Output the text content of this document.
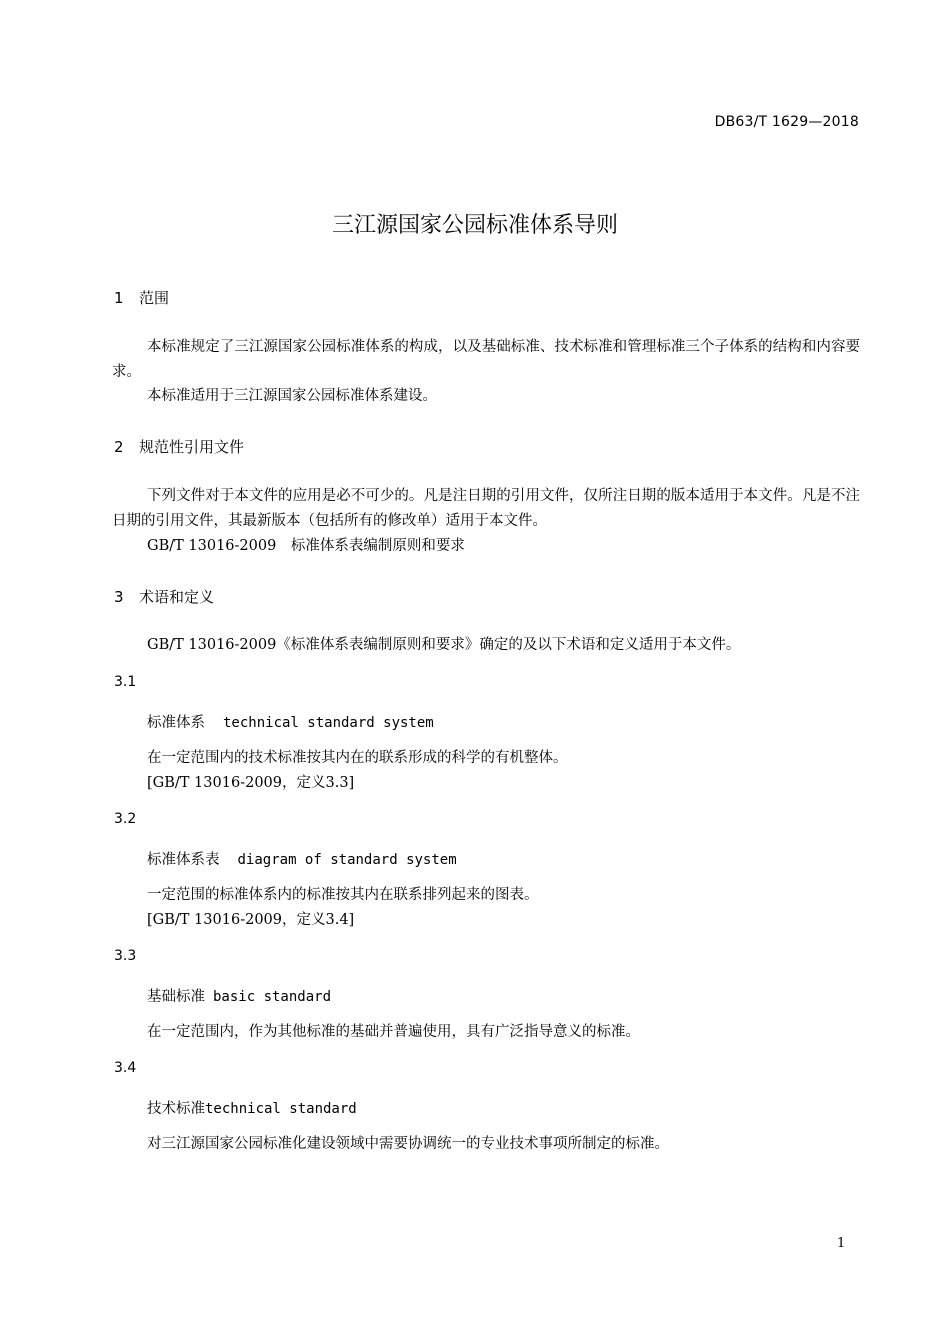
DB63/T 1629—2018
三江源国家公园标准体系导则
1 范围
本标准规定了三江源国家公园标准体系的构成，以及基础标准、技术标准和管理标准三个子体系的结构和内容要求。
本标准适用于三江源国家公园标准体系建设。
2 规范性引用文件
下列文件对于本文件的应用是必不可少的。凡是注日期的引用文件，仅所注日期的版本适用于本文件。凡是不注日期的引用文件，其最新版本（包括所有的修改单）适用于本文件。
GB/T 13016-2009　标准体系表编制原则和要求
3 术语和定义
GB/T 13016-2009《标准体系表编制原则和要求》确定的及以下术语和定义适用于本文件。
3.1
标准体系 technical standard system
在一定范围内的技术标准按其内在的联系形成的科学的有机整体。
[GB/T 13016-2009，定义3.3]
3.2
标准体系表 diagram of standard system
一定范围的标准体系内的标准按其内在联系排列起来的图表。
[GB/T 13016-2009，定义3.4]
3.3
基础标准 basic standard
在一定范围内，作为其他标准的基础并普遍使用，具有广泛指导意义的标准。
3.4
技术标准technical standard
对三江源国家公园标准化建设领域中需要协调统一的专业技术事项所制定的标准。
1
